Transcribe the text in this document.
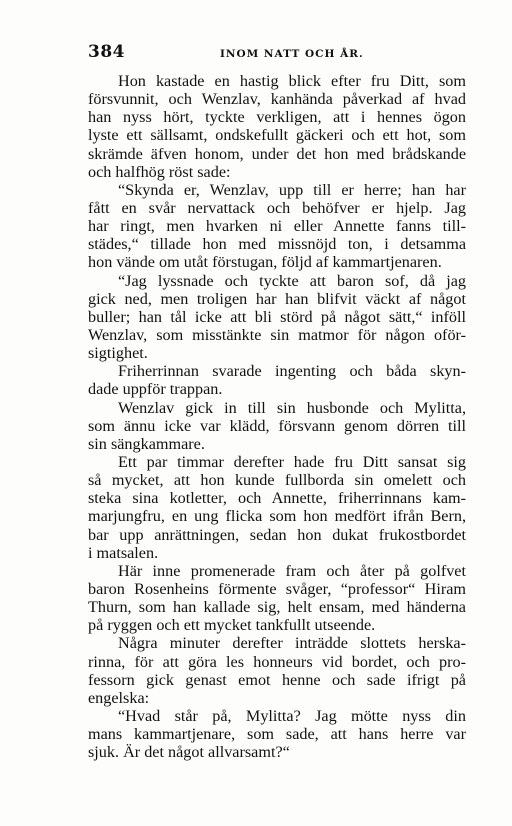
384	INOM NATT OCH ÅR.
Hon kastade en hastig blick efter fru Ditt, som
försvunnit, och Wenzlav, kanhända påverkad af hvad
han nyss hört, tyckte verkligen, att i hennes ögon
lyste ett sällsamt, ondskefullt gäckeri och ett hot, som
skrämde äfven honom, under det hon med brådskande
och halfhög röst sade:
“Skynda er, Wenzlav, upp till er herre; han har
fått en svår nervattack och behöfver er hjelp. Jag
har ringt, men hvarken ni eller Annette fanns till-
städes,“ tillade hon med missnöjd ton, i detsamma
hon vände om utåt förstugan, följd af kammartjenaren.
“Jag lyssnade och tyckte att baron sof, då jag
gick ned, men troligen har han blifvit väckt af något
buller; han tål icke att bli störd på något sätt,“ inföll
Wenzlav, som misstänkte sin matmor för någon oför-
sigtighet.
Friherrinnan svarade ingenting och båda skyn-
dade uppför trappan.
Wenzlav gick in till sin husbonde och Mylitta,
som ännu icke var klädd, försvann genom dörren till
sin sängkammare.
Ett par timmar derefter hade fru Ditt sansat sig
så mycket, att hon kunde fullborda sin omelett och
steka sina kotletter, och Annette, friherrinnans kam-
marjungfru, en ung flicka som hon medfört ifrån Bern,
bar upp anrättningen, sedan hon dukat frukostbordet
i matsalen.
Här inne promenerade fram och åter på golfvet
baron Rosenheins förmente svåger, “professor“ Hiram
Thurn, som han kallade sig, helt ensam, med händerna
på ryggen och ett mycket tankfullt utseende.
Några minuter derefter inträdde slottets herska-
rinna, för att göra les honneurs vid bordet, och pro-
fessorn gick genast emot henne och sade ifrigt på
engelska:
“Hvad står på, Mylitta? Jag mötte nyss din
mans kammartjenare, som sade, att hans herre var
sjuk. Är det något allvarsamt?“
